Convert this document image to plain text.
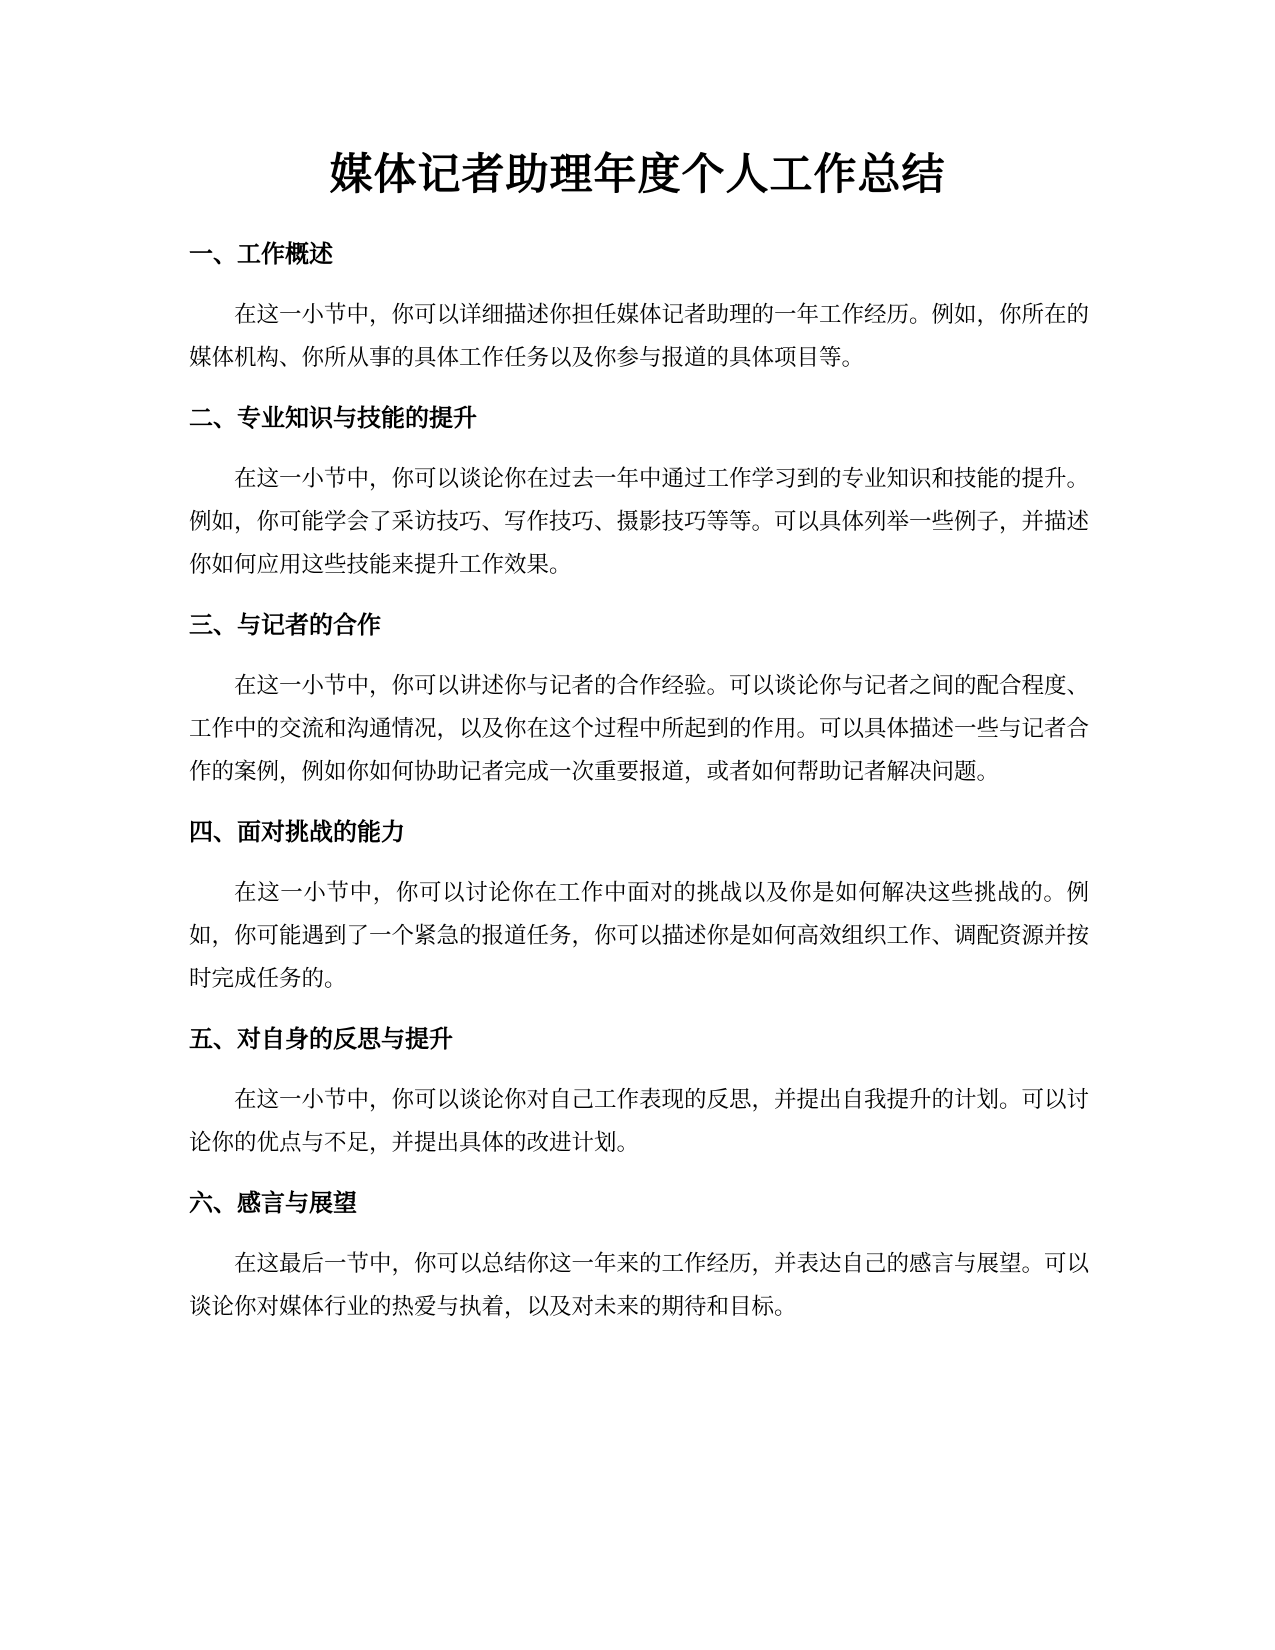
媒体记者助理年度个人工作总结
一、工作概述

在这一小节中，你可以详细描述你担任媒体记者助理的一年工作经历。例如，你所在的媒体机构、你所从事的具体工作任务以及你参与报道的具体项目等。

二、专业知识与技能的提升

在这一小节中，你可以谈论你在过去一年中通过工作学习到的专业知识和技能的提升。例如，你可能学会了采访技巧、写作技巧、摄影技巧等等。可以具体列举一些例子，并描述你如何应用这些技能来提升工作效果。

三、与记者的合作

在这一小节中，你可以讲述你与记者的合作经验。可以谈论你与记者之间的配合程度、工作中的交流和沟通情况，以及你在这个过程中所起到的作用。可以具体描述一些与记者合作的案例，例如你如何协助记者完成一次重要报道，或者如何帮助记者解决问题。

四、面对挑战的能力

在这一小节中，你可以讨论你在工作中面对的挑战以及你是如何解决这些挑战的。例如，你可能遇到了一个紧急的报道任务，你可以描述你是如何高效组织工作、调配资源并按时完成任务的。

五、对自身的反思与提升

在这一小节中，你可以谈论你对自己工作表现的反思，并提出自我提升的计划。可以讨论你的优点与不足，并提出具体的改进计划。

六、感言与展望

在这最后一节中，你可以总结你这一年来的工作经历，并表达自己的感言与展望。可以谈论你对媒体行业的热爱与执着，以及对未来的期待和目标。
